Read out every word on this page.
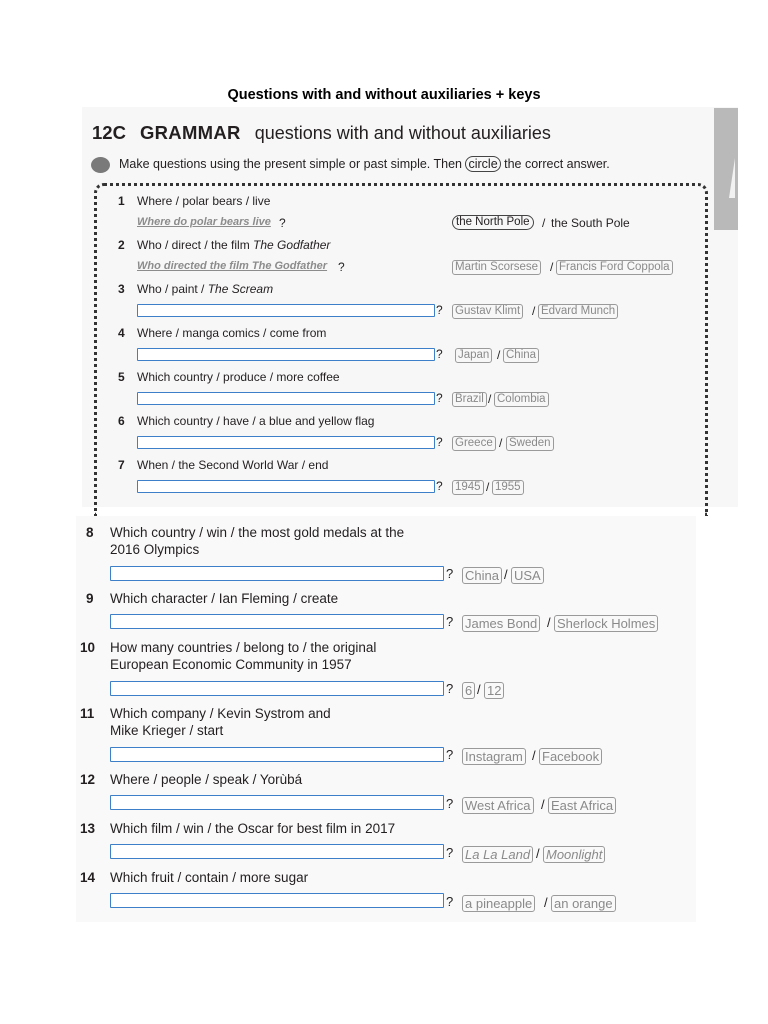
Questions with and without auxiliaries + keys
12C GRAMMAR questions with and without auxiliaries
Make questions using the present simple or past simple. Then circle the correct answer.
1 Where / polar bears / live
Where do polar bears live ?	the North Pole	/ the South Pole
2 Who / direct / the film The Godfather
Who directed the film The Godfather ?	Martin Scorsese / Francis Ford Coppola
3 Who / paint / The Scream
? Gustav Klimt / Edvard Munch
4 Where / manga comics / come from
? Japan / China
5 Which country / produce / more coffee
? Brazil / Colombia
6 Which country / have / a blue and yellow flag
? Greece / Sweden
7 When / the Second World War / end
? 1945 / 1955
8 Which country / win / the most gold medals at the
2016 Olympics
? China / USA
9 Which character / Ian Fleming / create
? James Bond / Sherlock Holmes
10 How many countries / belong to / the original
European Economic Community in 1957
? 6 / 12
11 Which company / Kevin Systrom and
Mike Krieger / start
? Instagram / Facebook
12 Where / people / speak / Yorùbá
? West Africa / East Africa
13 Which film / win / the Oscar for best film in 2017
? La La Land / Moonlight
14 Which fruit / contain / more sugar
? a pineapple / an orange
